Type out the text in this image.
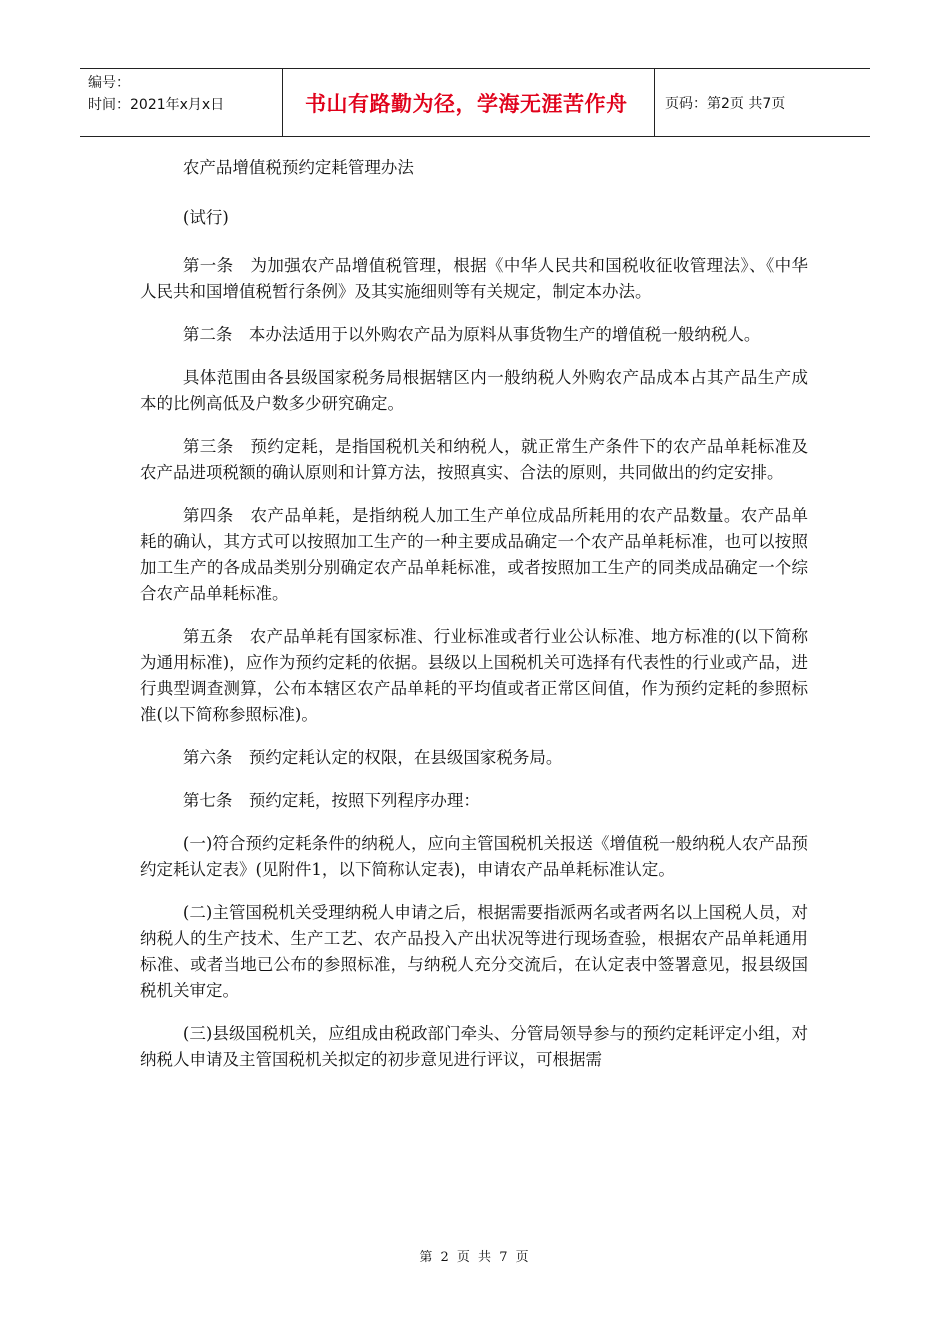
编号：
时间：2021年x月x日	书山有路勤为径，学海无涯苦作舟	页码：第2页 共7页

农产品增值税预约定耗管理办法

(试行)

第一条　为加强农产品增值税管理，根据《中华人民共和国税收征收管理法》、《中华人民共和国增值税暂行条例》及其实施细则等有关规定，制定本办法。

第二条　本办法适用于以外购农产品为原料从事货物生产的增值税一般纳税人。

具体范围由各县级国家税务局根据辖区内一般纳税人外购农产品成本占其产品生产成本的比例高低及户数多少研究确定。

第三条　预约定耗，是指国税机关和纳税人，就正常生产条件下的农产品单耗标准及农产品进项税额的确认原则和计算方法，按照真实、合法的原则，共同做出的约定安排。

第四条　农产品单耗，是指纳税人加工生产单位成品所耗用的农产品数量。农产品单耗的确认，其方式可以按照加工生产的一种主要成品确定一个农产品单耗标准，也可以按照加工生产的各成品类别分别确定农产品单耗标准，或者按照加工生产的同类成品确定一个综合农产品单耗标准。

第五条　农产品单耗有国家标准、行业标准或者行业公认标准、地方标准的(以下简称为通用标准)，应作为预约定耗的依据。县级以上国税机关可选择有代表性的行业或产品，进行典型调查测算，公布本辖区农产品单耗的平均值或者正常区间值，作为预约定耗的参照标准(以下简称参照标准)。

第六条　预约定耗认定的权限，在县级国家税务局。

第七条　预约定耗，按照下列程序办理：

(一)符合预约定耗条件的纳税人，应向主管国税机关报送《增值税一般纳税人农产品预约定耗认定表》(见附件1，以下简称认定表)，申请农产品单耗标准认定。

(二)主管国税机关受理纳税人申请之后，根据需要指派两名或者两名以上国税人员，对纳税人的生产技术、生产工艺、农产品投入产出状况等进行现场查验，根据农产品单耗通用标准、或者当地已公布的参照标准，与纳税人充分交流后，在认定表中签署意见，报县级国税机关审定。

(三)县级国税机关，应组成由税政部门牵头、分管局领导参与的预约定耗评定小组，对纳税人申请及主管国税机关拟定的初步意见进行评议，可根据需

第 2 页 共 7 页
